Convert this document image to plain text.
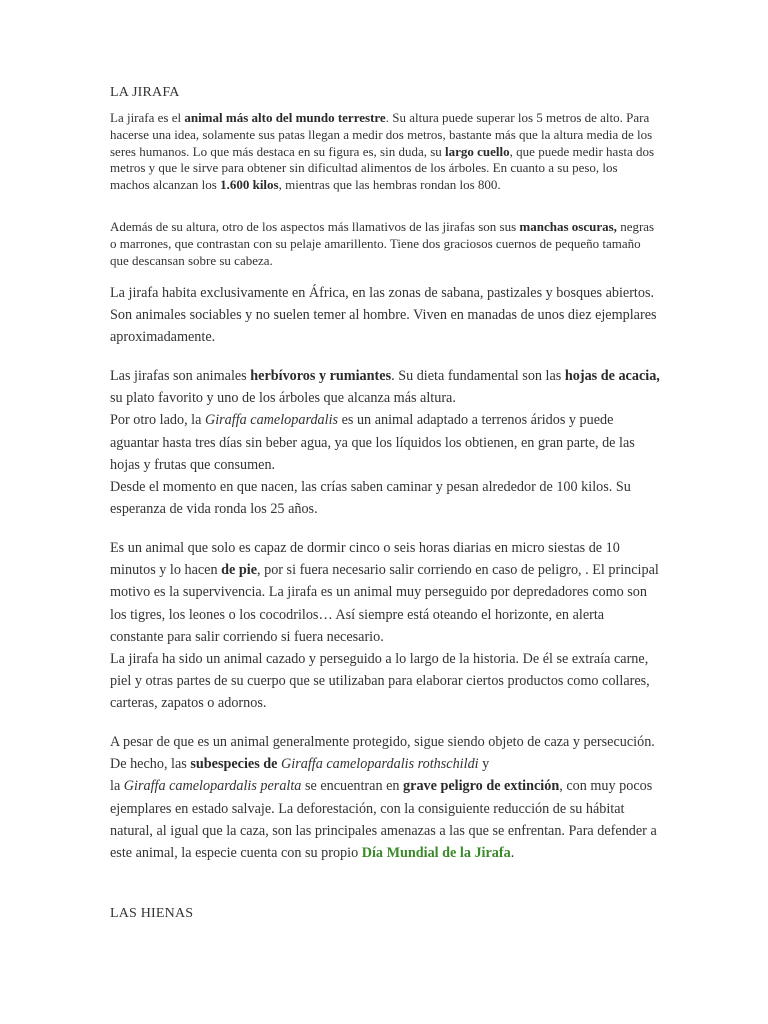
LA JIRAFA

La jirafa es el animal más alto del mundo terrestre. Su altura puede superar los 5 metros de alto. Para hacerse una idea, solamente sus patas llegan a medir dos metros, bastante más que la altura media de los seres humanos. Lo que más destaca en su figura es, sin duda, su largo cuello, que puede medir hasta dos metros y que le sirve para obtener sin dificultad alimentos de los árboles. En cuanto a su peso, los machos alcanzan los 1.600 kilos, mientras que las hembras rondan los 800.

Además de su altura, otro de los aspectos más llamativos de las jirafas son sus manchas oscuras, negras o marrones, que contrastan con su pelaje amarillento. Tiene dos graciosos cuernos de pequeño tamaño que descansan sobre su cabeza.

La jirafa habita exclusivamente en África, en las zonas de sabana, pastizales y bosques abiertos. Son animales sociables y no suelen temer al hombre. Viven en manadas de unos diez ejemplares aproximadamente.

Las jirafas son animales herbívoros y rumiantes. Su dieta fundamental son las hojas de acacia, su plato favorito y uno de los árboles que alcanza más altura.
Por otro lado, la Giraffa camelopardalis es un animal adaptado a terrenos áridos y puede aguantar hasta tres días sin beber agua, ya que los líquidos los obtienen, en gran parte, de las hojas y frutas que consumen.
Desde el momento en que nacen, las crías saben caminar y pesan alrededor de 100 kilos. Su esperanza de vida ronda los 25 años.

Es un animal que solo es capaz de dormir cinco o seis horas diarias en micro siestas de 10 minutos y lo hacen de pie, por si fuera necesario salir corriendo en caso de peligro, . El principal motivo es la supervivencia. La jirafa es un animal muy perseguido por depredadores como son los tigres, los leones o los cocodrilos… Así siempre está oteando el horizonte, en alerta constante para salir corriendo si fuera necesario.
La jirafa ha sido un animal cazado y perseguido a lo largo de la historia. De él se extraía carne, piel y otras partes de su cuerpo que se utilizaban para elaborar ciertos productos como collares, carteras, zapatos o adornos.

A pesar de que es un animal generalmente protegido, sigue siendo objeto de caza y persecución. De hecho, las subespecies de Giraffa camelopardalis rothschildi y
la Giraffa camelopardalis peralta se encuentran en grave peligro de extinción, con muy pocos ejemplares en estado salvaje. La deforestación, con la consiguiente reducción de su hábitat natural, al igual que la caza, son las principales amenazas a las que se enfrentan. Para defender a este animal, la especie cuenta con su propio Día Mundial de la Jirafa.

LAS HIENAS
